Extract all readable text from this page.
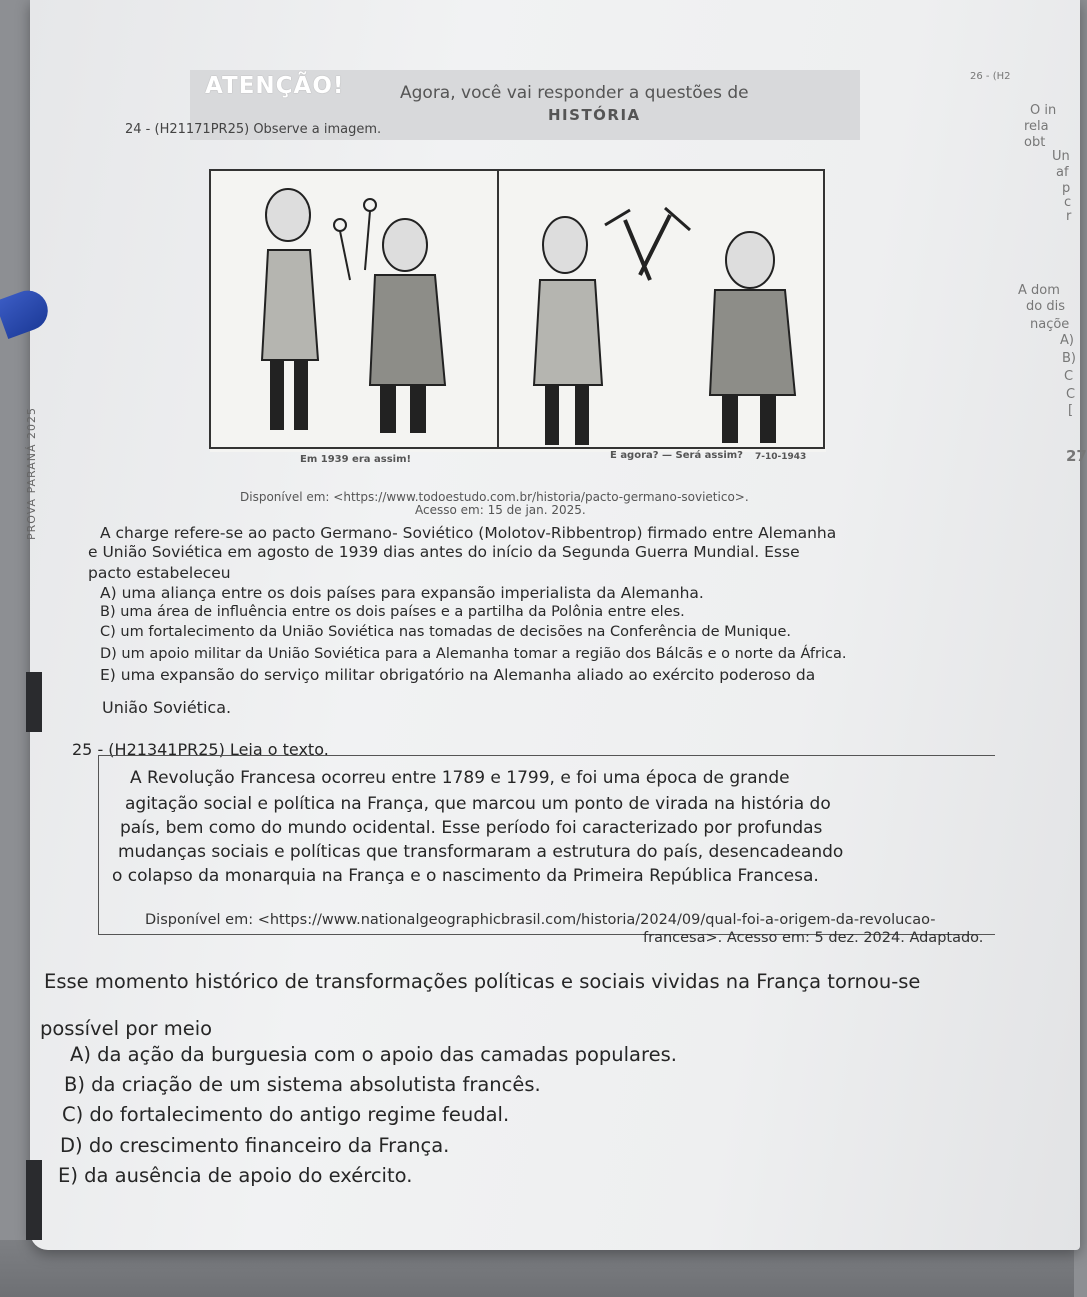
ATENÇÃO!	Agora, você vai responder a questões de
HISTÓRIA
24 - (H21171PR25) Observe a imagem.
26 - (H2
O in
rela
obt
Un
af
p
c
r
A dom
do dis
naçõe
A)
B)
C
C
[
27
Em 1939 era assim!	E agora? — Será assim? 7-10-1943
Disponível em: <https://www.todoestudo.com.br/historia/pacto-germano-sovietico>.
Acesso em: 15 de jan. 2025.
A charge refere-se ao pacto Germano- Soviético (Molotov-Ribbentrop) firmado entre Alemanha
e União Soviética em agosto de 1939 dias antes do início da Segunda Guerra Mundial. Esse
pacto estabeleceu
A) uma aliança entre os dois países para expansão imperialista da Alemanha.
B) uma área de influência entre os dois países e a partilha da Polônia entre eles.
C) um fortalecimento da União Soviética nas tomadas de decisões na Conferência de Munique.
D) um apoio militar da União Soviética para a Alemanha tomar a região dos Bálcãs e o norte da África.
E) uma expansão do serviço militar obrigatório na Alemanha aliado ao exército poderoso da
União Soviética.
PROVA PARANÁ 2025
25 - (H21341PR25) Leia o texto.
A Revolução Francesa ocorreu entre 1789 e 1799, e foi uma época de grande
agitação social e política na França, que marcou um ponto de virada na história do
país, bem como do mundo ocidental. Esse período foi caracterizado por profundas
mudanças sociais e políticas que transformaram a estrutura do país, desencadeando
o colapso da monarquia na França e o nascimento da Primeira República Francesa.
Disponível em: <https://www.nationalgeographicbrasil.com/historia/2024/09/qual-foi-a-origem-da-revolucao-
francesa>. Acesso em: 5 dez. 2024. Adaptado.
Esse momento histórico de transformações políticas e sociais vividas na França tornou-se
possível por meio
A) da ação da burguesia com o apoio das camadas populares.
B) da criação de um sistema absolutista francês.
C) do fortalecimento do antigo regime feudal.
D) do crescimento financeiro da França.
E) da ausência de apoio do exército.
